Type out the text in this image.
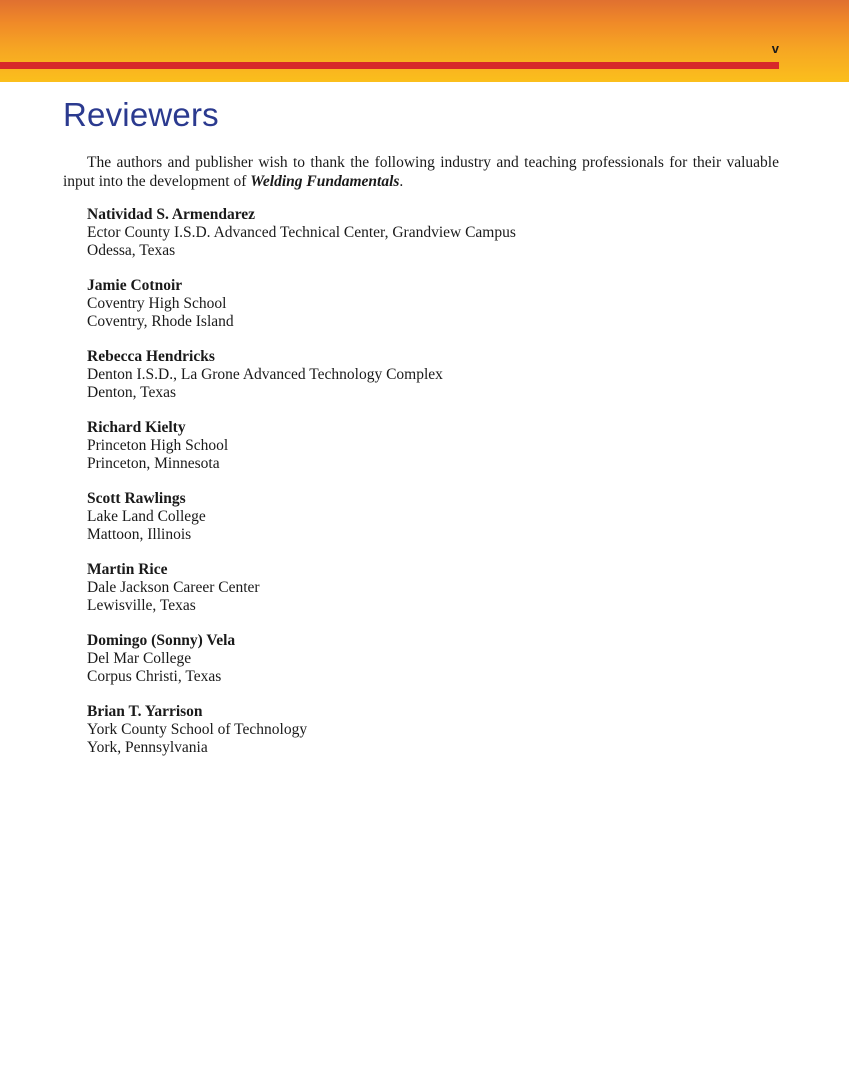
v
Reviewers

The authors and publisher wish to thank the following industry and teaching professionals for their valuable input into the development of Welding Fundamentals.

Natividad S. Armendarez
Ector County I.S.D. Advanced Technical Center, Grandview Campus
Odessa, Texas
Jamie Cotnoir
Coventry High School
Coventry, Rhode Island
Rebecca Hendricks
Denton I.S.D., La Grone Advanced Technology Complex
Denton, Texas
Richard Kielty
Princeton High School
Princeton, Minnesota
Scott Rawlings
Lake Land College
Mattoon, Illinois
Martin Rice
Dale Jackson Career Center
Lewisville, Texas
Domingo (Sonny) Vela
Del Mar College
Corpus Christi, Texas
Brian T. Yarrison
York County School of Technology
York, Pennsylvania
